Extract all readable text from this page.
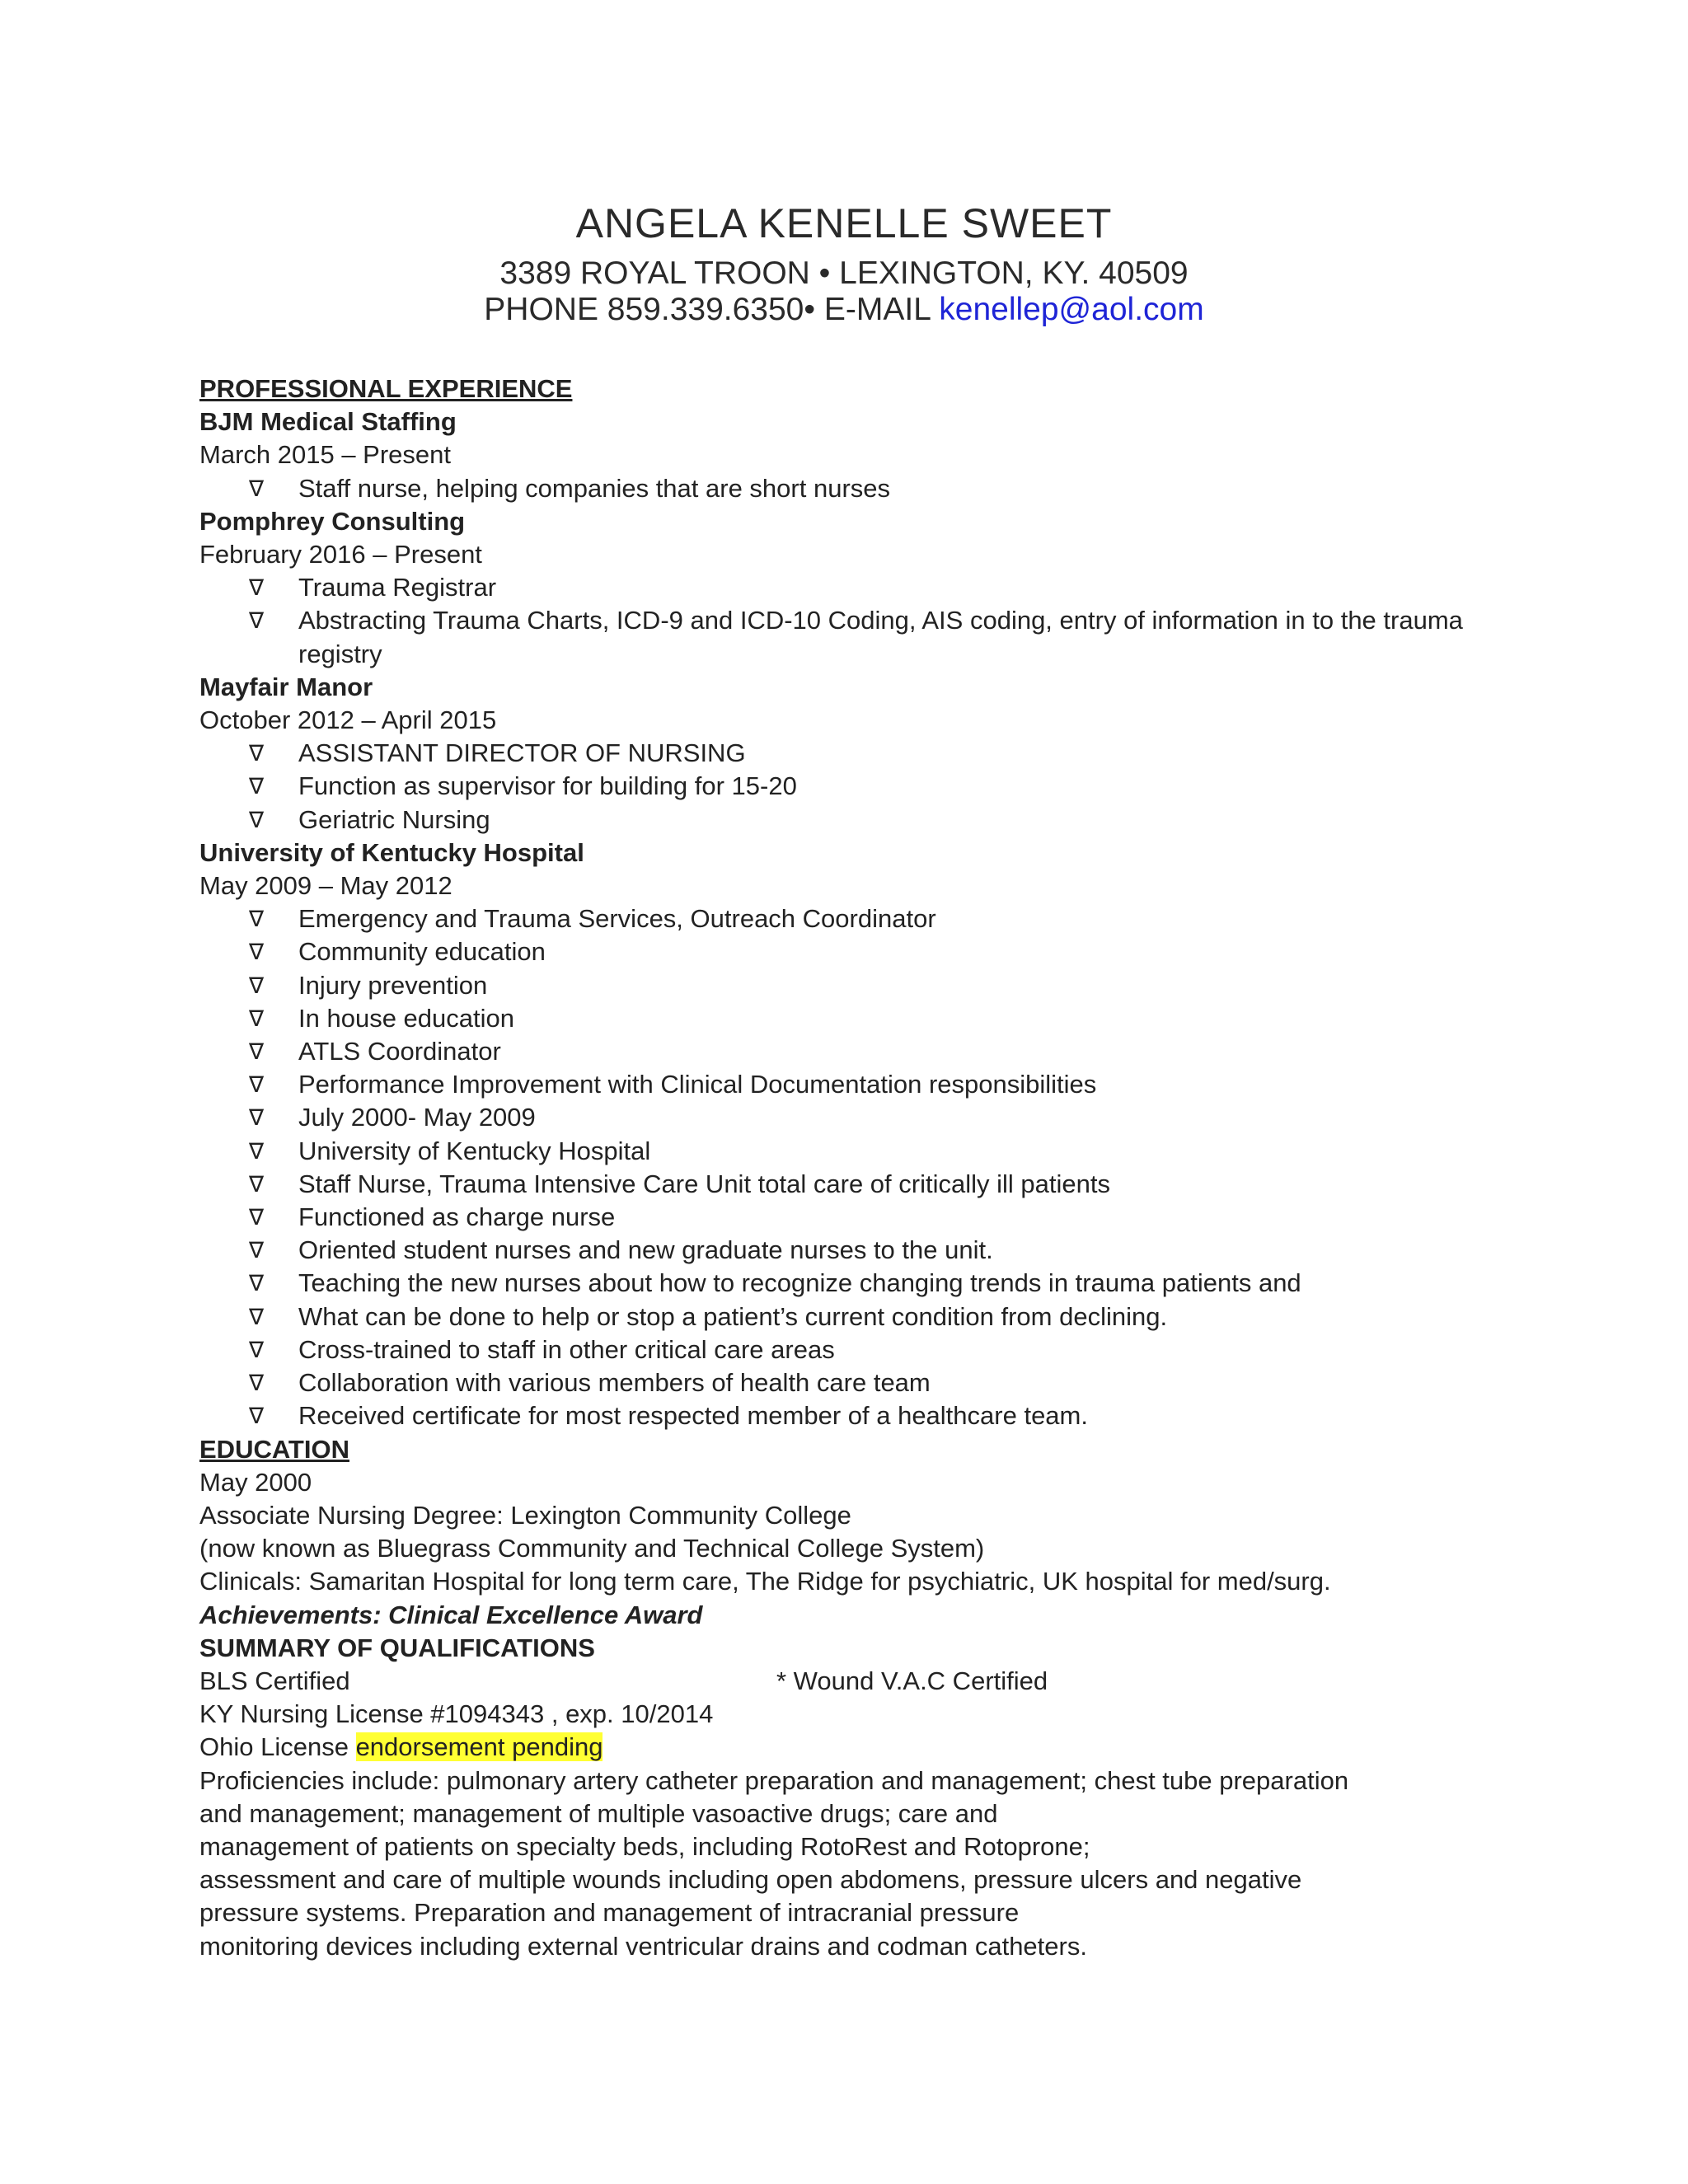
ANGELA KENELLE SWEET
3389 ROYAL TROON • LEXINGTON, KY. 40509
PHONE 859.339.6350• E-MAIL kenellep@aol.com
PROFESSIONAL EXPERIENCE
BJM Medical Staffing
March 2015 – Present
∇ Staff nurse, helping companies that are short nurses
Pomphrey Consulting
February 2016 – Present
∇ Trauma Registrar
∇ Abstracting Trauma Charts, ICD-9 and ICD-10 Coding, AIS coding, entry of information in to the trauma registry
Mayfair Manor
October 2012 – April 2015
∇ ASSISTANT DIRECTOR OF NURSING
∇ Function as supervisor for building for 15-20
∇ Geriatric Nursing
University of Kentucky Hospital
May 2009 – May 2012
∇ Emergency and Trauma Services, Outreach Coordinator
∇ Community education
∇ Injury prevention
∇ In house education
∇ ATLS Coordinator
∇ Performance Improvement with Clinical Documentation responsibilities
∇ July 2000- May 2009
∇ University of Kentucky Hospital
∇ Staff Nurse, Trauma Intensive Care Unit total care of critically ill patients
∇ Functioned as charge nurse
∇ Oriented student nurses and new graduate nurses to the unit.
∇ Teaching the new nurses about how to recognize changing trends in trauma patients and
∇ What can be done to help or stop a patient’s current condition from declining.
∇ Cross-trained to staff in other critical care areas
∇ Collaboration with various members of health care team
∇ Received certificate for most respected member of a healthcare team.
EDUCATION
May 2000
Associate Nursing Degree: Lexington Community College
(now known as Bluegrass Community and Technical College System)
Clinicals: Samaritan Hospital for long term care, The Ridge for psychiatric, UK hospital for med/surg.
Achievements: Clinical Excellence Award
SUMMARY OF QUALIFICATIONS
BLS Certified	* Wound V.A.C Certified
KY Nursing License #1094343 , exp. 10/2014
Ohio License endorsement pending
Proficiencies include: pulmonary artery catheter preparation and management; chest tube preparation
and management; management of multiple vasoactive drugs; care and
management of patients on specialty beds, including RotoRest and Rotoprone;
assessment and care of multiple wounds including open abdomens, pressure ulcers and negative
pressure systems. Preparation and management of intracranial pressure
monitoring devices including external ventricular drains and codman catheters.
